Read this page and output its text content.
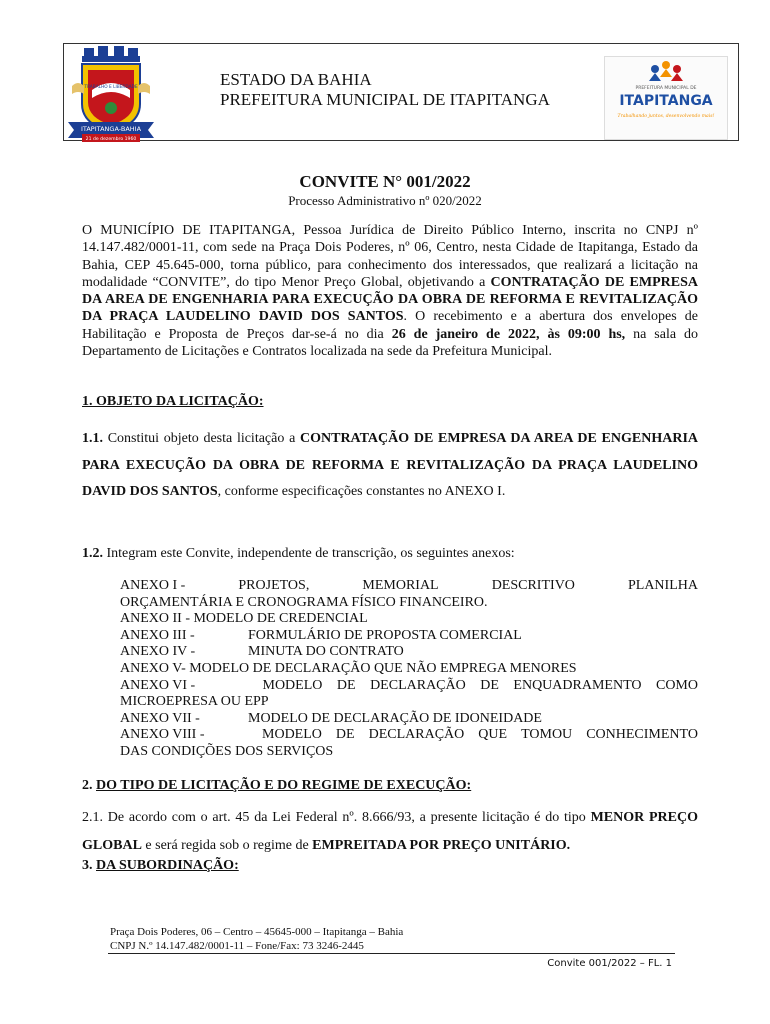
ITAPITANGA-BAHIA
21 de dezembro 1960
TRABALHO E LIBERDADE	ESTADO DA BAHIA
PREFEITURA MUNICIPAL DE ITAPITANGA
PREFEITURA MUNICIPAL DE
ITAPITANGA
Trabalhando juntos, desenvolvendo mais!
CONVITE N° 001/2022
Processo Administrativo nº 020/2022
O MUNICÍPIO DE ITAPITANGA, Pessoa Jurídica de Direito Público Interno, inscrita no CNPJ nº 14.147.482/0001-11, com sede na Praça Dois Poderes, nº 06, Centro, nesta Cidade de Itapitanga, Estado da Bahia, CEP 45.645-000, torna público, para conhecimento dos interessados, que realizará a licitação na modalidade “CONVITE”, do tipo Menor Preço Global, objetivando a CONTRATAÇÃO DE EMPRESA DA AREA DE ENGENHARIA PARA EXECUÇÃO DA OBRA DE REFORMA E REVITALIZAÇÃO DA PRAÇA LAUDELINO DAVID DOS SANTOS. O recebimento e a abertura dos envelopes de Habilitação e Proposta de Preços dar-se-á no dia 26 de janeiro de 2022, às 09:00 hs, na sala do Departamento de Licitações e Contratos localizada na sede da Prefeitura Municipal.
1. OBJETO DA LICITAÇÃO:
1.1. Constitui objeto desta licitação a CONTRATAÇÃO DE EMPRESA DA AREA DE ENGENHARIA PARA EXECUÇÃO DA OBRA DE REFORMA E REVITALIZAÇÃO DA PRAÇA LAUDELINO DAVID DOS SANTOS, conforme especificações constantes no ANEXO I.
1.2. Integram este Convite, independente de transcrição, os seguintes anexos:
ANEXO I -	PROJETOS,	MEMORIAL	DESCRITIVO	PLANILHA
ORÇAMENTÁRIA E CRONOGRAMA FÍSICO FINANCEIRO.
ANEXO II - MODELO DE CREDENCIAL
ANEXO III -	FORMULÁRIO DE PROPOSTA COMERCIAL
ANEXO IV -	MINUTA DO CONTRATO
ANEXO V- MODELO DE DECLARAÇÃO QUE NÃO EMPREGA MENORES
ANEXO VI -	MODELO DE DECLARAÇÃO DE ENQUADRAMENTO COMO
MICROEPRESA OU EPP
ANEXO VII -	MODELO DE DECLARAÇÃO DE IDONEIDADE
ANEXO VIII -	MODELO DE DECLARAÇÃO QUE TOMOU CONHECIMENTO
DAS CONDIÇÕES DOS SERVIÇOS
2. DO TIPO DE LICITAÇÃO E DO REGIME DE EXECUÇÃO:
2.1. De acordo com o art. 45 da Lei Federal nº. 8.666/93, a presente licitação é do tipo MENOR PREÇO GLOBAL e será regida sob o regime de EMPREITADA POR PREÇO UNITÁRIO.
3. DA SUBORDINAÇÃO:
Praça Dois Poderes, 06 – Centro – 45645-000 – Itapitanga – Bahia
CNPJ N.º 14.147.482/0001-11 – Fone/Fax: 73 3246-2445
Convite 001/2022 – FL. 1
